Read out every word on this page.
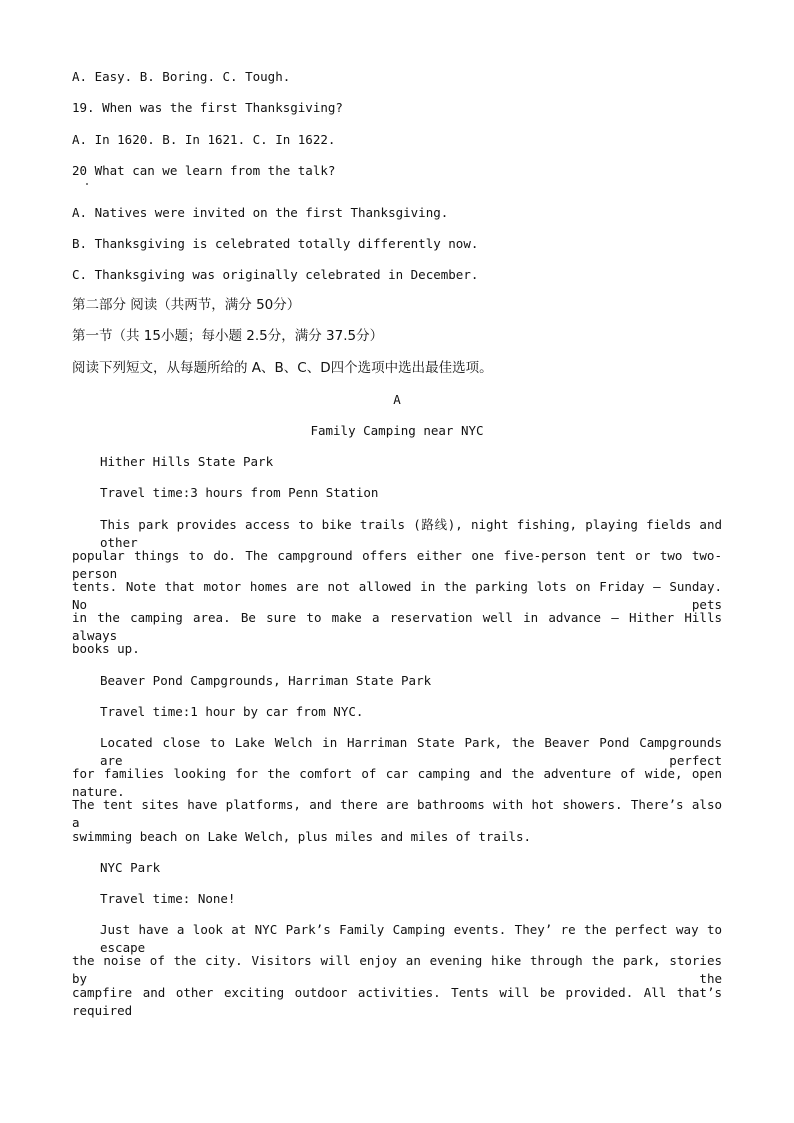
A. Easy. B. Boring. C. Tough.
19. When was the first Thanksgiving?
A. In 1620. B. In 1621. C. In 1622.
20 What can we learn from the talk?
A. Natives were invited on the first Thanksgiving.
B. Thanksgiving is celebrated totally differently now.
C. Thanksgiving was originally celebrated in December.
第二部分 阅读（共两节，满分 50分）
第一节（共 15小题；每小题 2.5分，满分 37.5分）
阅读下列短文，从每题所给的 A、B、C、D四个选项中选出最佳选项。
A
Family Camping near NYC
Hither Hills State Park
Travel time:3 hours from Penn Station
This park provides access to bike trails (路线), night fishing, playing fields and other
popular things to do. The campground offers either one five-person tent or two two-person
tents. Note that motor homes are not allowed in the parking lots on Friday — Sunday. No pets
in the camping area. Be sure to make a reservation well in advance — Hither Hills always
books up.
Beaver Pond Campgrounds, Harriman State Park
Travel time:1 hour by car from NYC.
Located close to Lake Welch in Harriman State Park, the Beaver Pond Campgrounds are perfect
for families looking for the comfort of car camping and the adventure of wide, open nature.
The tent sites have platforms, and there are bathrooms with hot showers. There’s also a
swimming beach on Lake Welch, plus miles and miles of trails.
NYC Park
Travel time: None!
Just have a look at NYC Park’s Family Camping events. They’ re the perfect way to escape
the noise of the city. Visitors will enjoy an evening hike through the park, stories by the
campfire and other exciting outdoor activities. Tents will be provided. All that’s required
